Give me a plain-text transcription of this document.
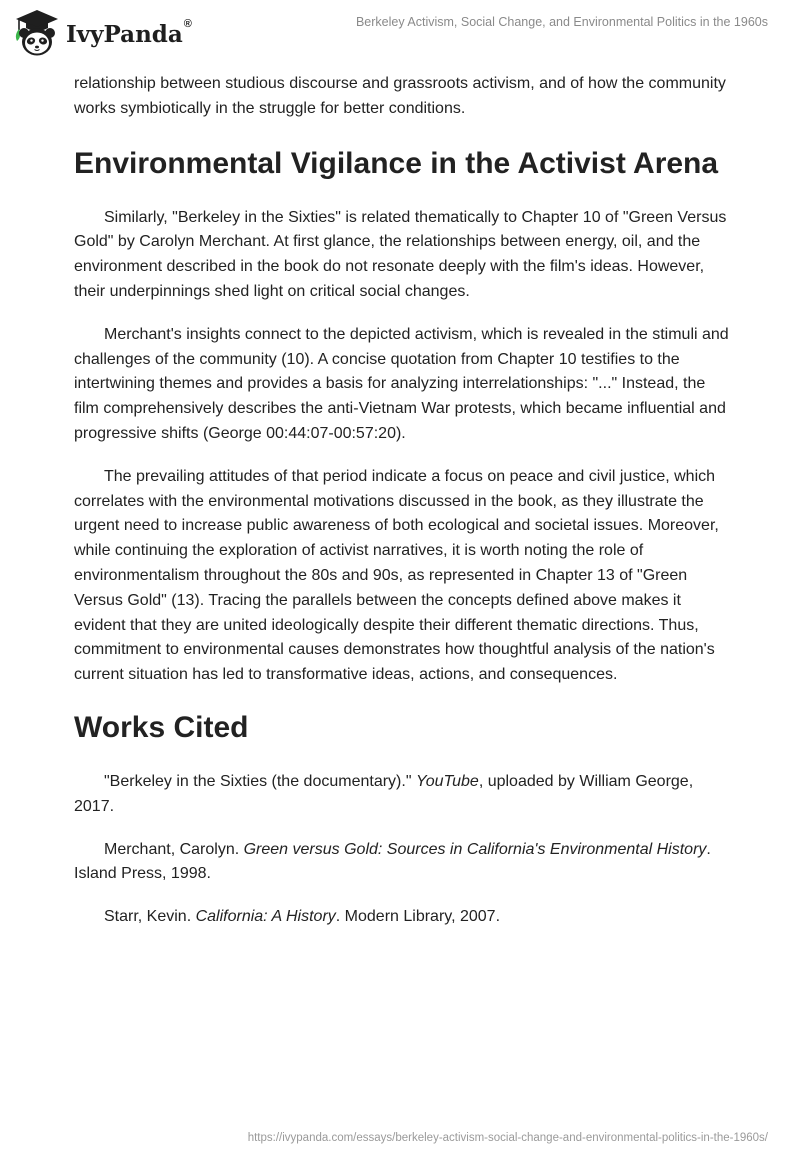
IvyPanda ®	Berkeley Activism, Social Change, and Environmental Politics in the 1960s

relationship between studious discourse and grassroots activism, and of how the community works symbiotically in the struggle for better conditions.

Environmental Vigilance in the Activist Arena

Similarly, "Berkeley in the Sixties" is related thematically to Chapter 10 of "Green Versus Gold" by Carolyn Merchant. At first glance, the relationships between energy, oil, and the environment described in the book do not resonate deeply with the film's ideas. However, their underpinnings shed light on critical social changes.

Merchant's insights connect to the depicted activism, which is revealed in the stimuli and challenges of the community (10). A concise quotation from Chapter 10 testifies to the intertwining themes and provides a basis for analyzing interrelationships: "..." Instead, the film comprehensively describes the anti-Vietnam War protests, which became influential and progressive shifts (George 00:44:07-00:57:20).

The prevailing attitudes of that period indicate a focus on peace and civil justice, which correlates with the environmental motivations discussed in the book, as they illustrate the urgent need to increase public awareness of both ecological and societal issues. Moreover, while continuing the exploration of activist narratives, it is worth noting the role of environmentalism throughout the 80s and 90s, as represented in Chapter 13 of "Green Versus Gold" (13). Tracing the parallels between the concepts defined above makes it evident that they are united ideologically despite their different thematic directions. Thus, commitment to environmental causes demonstrates how thoughtful analysis of the nation's current situation has led to transformative ideas, actions, and consequences.

Works Cited

"Berkeley in the Sixties (the documentary)." YouTube, uploaded by William George, 2017.

Merchant, Carolyn. Green versus Gold: Sources in California's Environmental History. Island Press, 1998.

Starr, Kevin. California: A History. Modern Library, 2007.

https://ivypanda.com/essays/berkeley-activism-social-change-and-environmental-politics-in-the-1960s/
